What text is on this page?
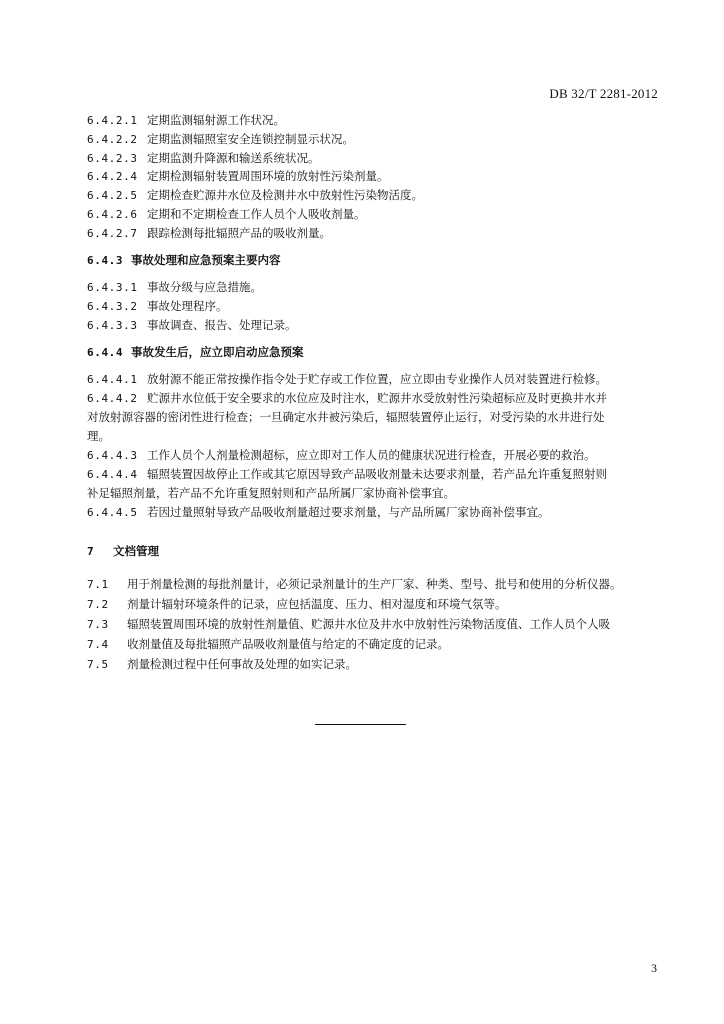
DB 32/T 2281-2012
6.4.2.1 定期监测辐射源工作状况。
6.4.2.2 定期监测辐照室安全连锁控制显示状况。
6.4.2.3 定期监测升降源和输送系统状况。
6.4.2.4 定期检测辐射装置周围环境的放射性污染剂量。
6.4.2.5 定期检查贮源井水位及检测井水中放射性污染物活度。
6.4.2.6 定期和不定期检查工作人员个人吸收剂量。
6.4.2.7 跟踪检测每批辐照产品的吸收剂量。
6.4.3 事故处理和应急预案主要内容
6.4.3.1 事故分级与应急措施。
6.4.3.2 事故处理程序。
6.4.3.3 事故调查、报告、处理记录。
6.4.4 事故发生后，应立即启动应急预案
6.4.4.1 放射源不能正常按操作指令处于贮存或工作位置，应立即由专业操作人员对装置进行检修。
6.4.4.2 贮源井水位低于安全要求的水位应及时注水，贮源井水受放射性污染超标应及时更换井水并
对放射源容器的密闭性进行检查；一旦确定水井被污染后，辐照装置停止运行，对受污染的水井进行处
理。
6.4.4.3 工作人员个人剂量检测超标，应立即对工作人员的健康状况进行检查，开展必要的救治。
6.4.4.4 辐照装置因故停止工作或其它原因导致产品吸收剂量未达要求剂量，若产品允许重复照射则
补足辐照剂量，若产品不允许重复照射则和产品所属厂家协商补偿事宜。
6.4.4.5 若因过量照射导致产品吸收剂量超过要求剂量，与产品所属厂家协商补偿事宜。
7 文档管理
7.1 用于剂量检测的每批剂量计，必须记录剂量计的生产厂家、种类、型号、批号和使用的分析仪器。
7.2 剂量计辐射环境条件的记录，应包括温度、压力、相对湿度和环境气氛等。
7.3 辐照装置周围环境的放射性剂量值、贮源井水位及井水中放射性污染物活度值、工作人员个人吸
7.4 收剂量值及每批辐照产品吸收剂量值与给定的不确定度的记录。
7.5 剂量检测过程中任何事故及处理的如实记录。
3
